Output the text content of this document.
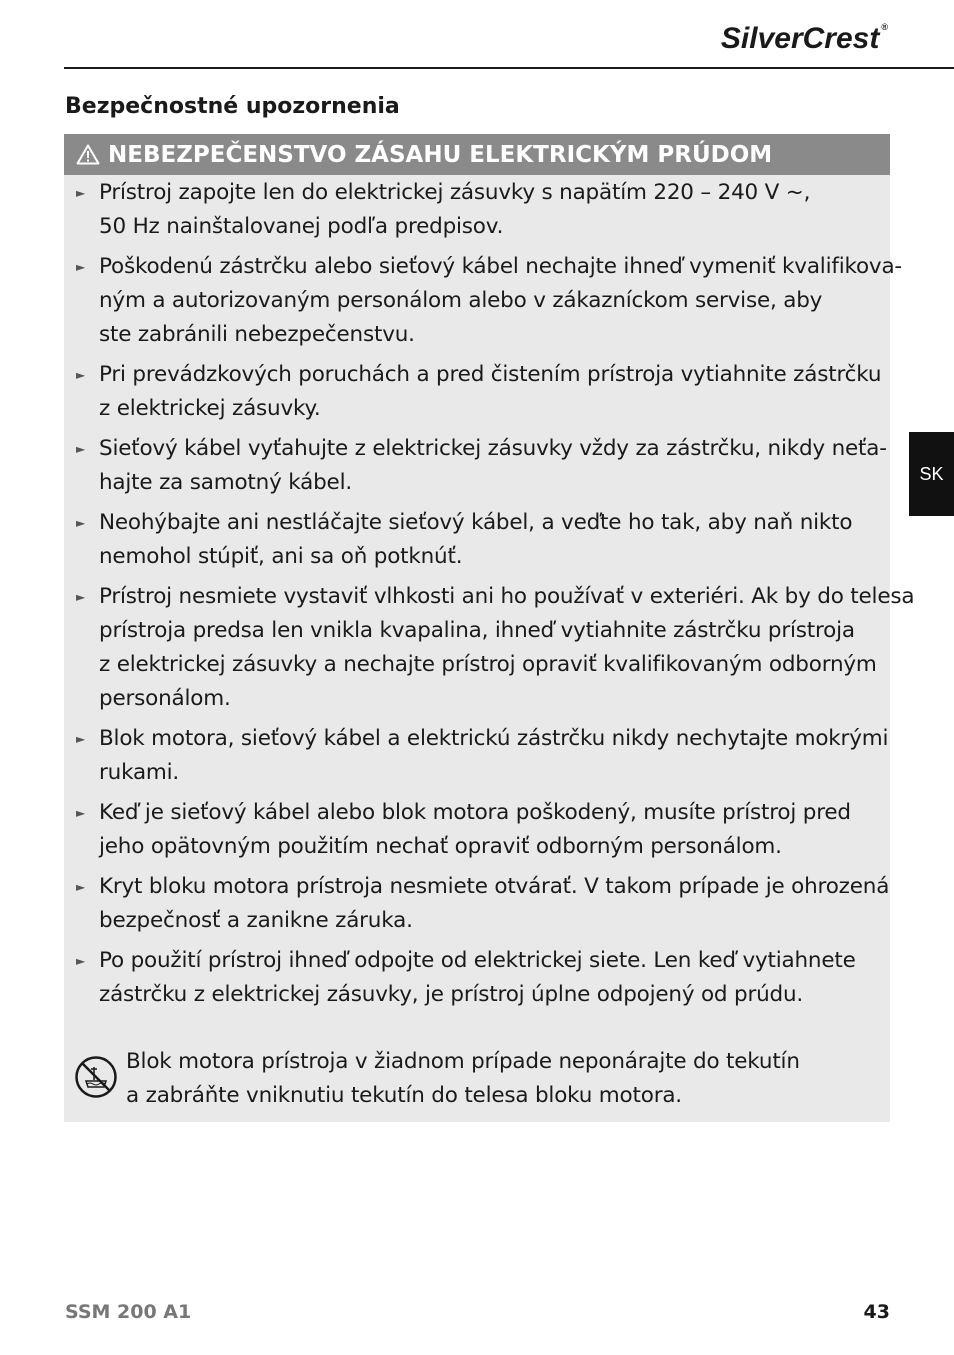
SilverCrest ®
Bezpečnostné upozornenia
NEBEZPEČENSTVO ZÁSAHU ELEKTRICKÝM PRÚDOM
► Prístroj zapojte len do elektrickej zásuvky s napätím 220 – 240 V ~,
50 Hz nainštalovanej podľa predpisov.
► Poškodenú zástrčku alebo sieťový kábel nechajte ihneď vymeniť kvalifikova-
ným a autorizovaným personálom alebo v zákazníckom servise, aby
ste zabránili nebezpečenstvu.
► Pri prevádzkových poruchách a pred čistením prístroja vytiahnite zástrčku
z elektrickej zásuvky.
► Sieťový kábel vyťahujte z elektrickej zásuvky vždy za zástrčku, nikdy neťa-
hajte za samotný kábel.
► Neohýbajte ani nestláčajte sieťový kábel, a veďte ho tak, aby naň nikto
nemohol stúpiť, ani sa oň potknúť.
► Prístroj nesmiete vystaviť vlhkosti ani ho používať v exteriéri. Ak by do telesa
prístroja predsa len vnikla kvapalina, ihneď vytiahnite zástrčku prístroja
z elektrickej zásuvky a nechajte prístroj opraviť kvalifikovaným odborným
personálom.
► Blok motora, sieťový kábel a elektrickú zástrčku nikdy nechytajte mokrými
rukami.
► Keď je sieťový kábel alebo blok motora poškodený, musíte prístroj pred
jeho opätovným použitím nechať opraviť odborným personálom.
► Kryt bloku motora prístroja nesmiete otvárať. V takom prípade je ohrozená
bezpečnosť a zanikne záruka.
► Po použití prístroj ihneď odpojte od elektrickej siete. Len keď vytiahnete
zástrčku z elektrickej zásuvky, je prístroj úplne odpojený od prúdu.
Blok motora prístroja v žiadnom prípade neponárajte do tekutín
a zabráňte vniknutiu tekutín do telesa bloku motora.
SK
SSM 200 A1	43
